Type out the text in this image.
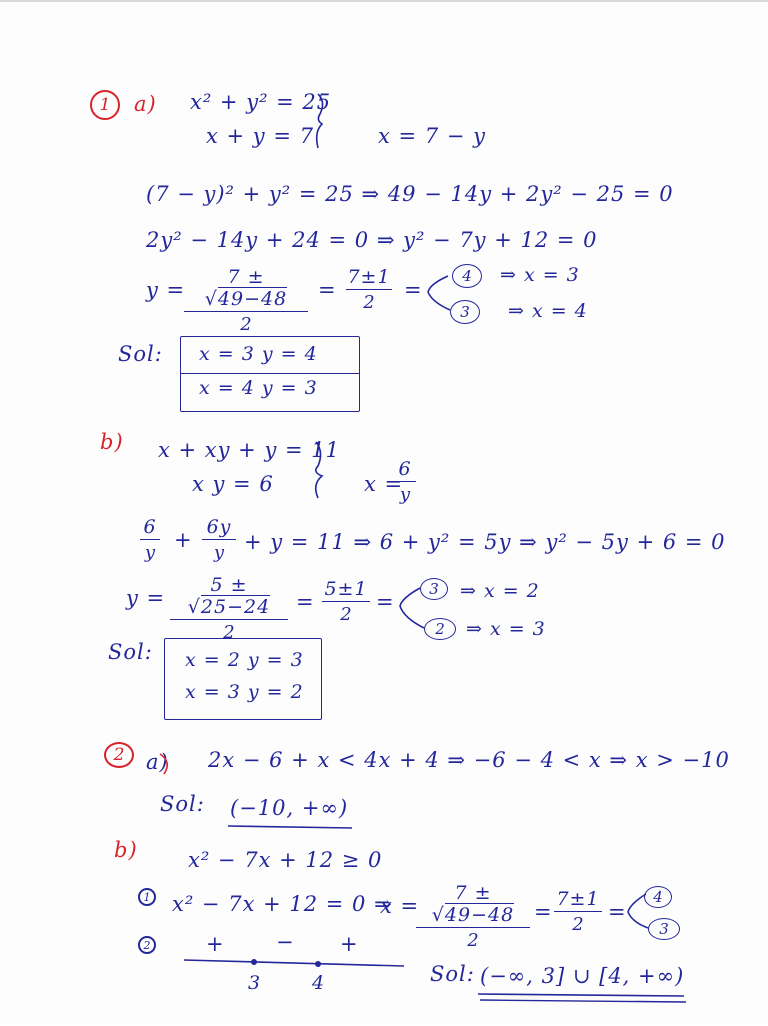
1	a) x² + y² = 25
x + y = 7	x = 7 − y
(7 − y)² + y² = 25 ⇒ 49 − 14y + 2y² − 25 = 0
2y² − 14y + 24 = 0 ⇒ y² − 7y + 12 = 0
y =
7 ± √49−48
2
=
7±1
2
=
4	⇒ x = 3
3	⇒ x = 4
Sol: x = 3 y = 4
x = 4 y = 3
b) x + xy + y = 11
x y = 6	x =
6
y
6
y
+
6y
y + y = 11 ⇒ 6 + y² = 5y ⇒ y² − 5y + 6 = 0
y =
5 ± √25−24
2
=
5±1
2
=
3	⇒ x = 2
2	⇒ x = 3
Sol: x = 2 y = 3
x = 3 y = 2
2	a) 2x − 6 + x < 4x + 4 ⇒ −6 − 4 < x ⇒ x > −10
Sol: (−10, +∞)
b) x² − 7x + 12 ≥ 0
1 x² − 7x + 12 = 0 ⇒
x =
7 ± √49−48
2
=
7±1
2
=
4
3
2	+ − +
3	4	Sol: (−∞, 3] ∪ [4, +∞)
